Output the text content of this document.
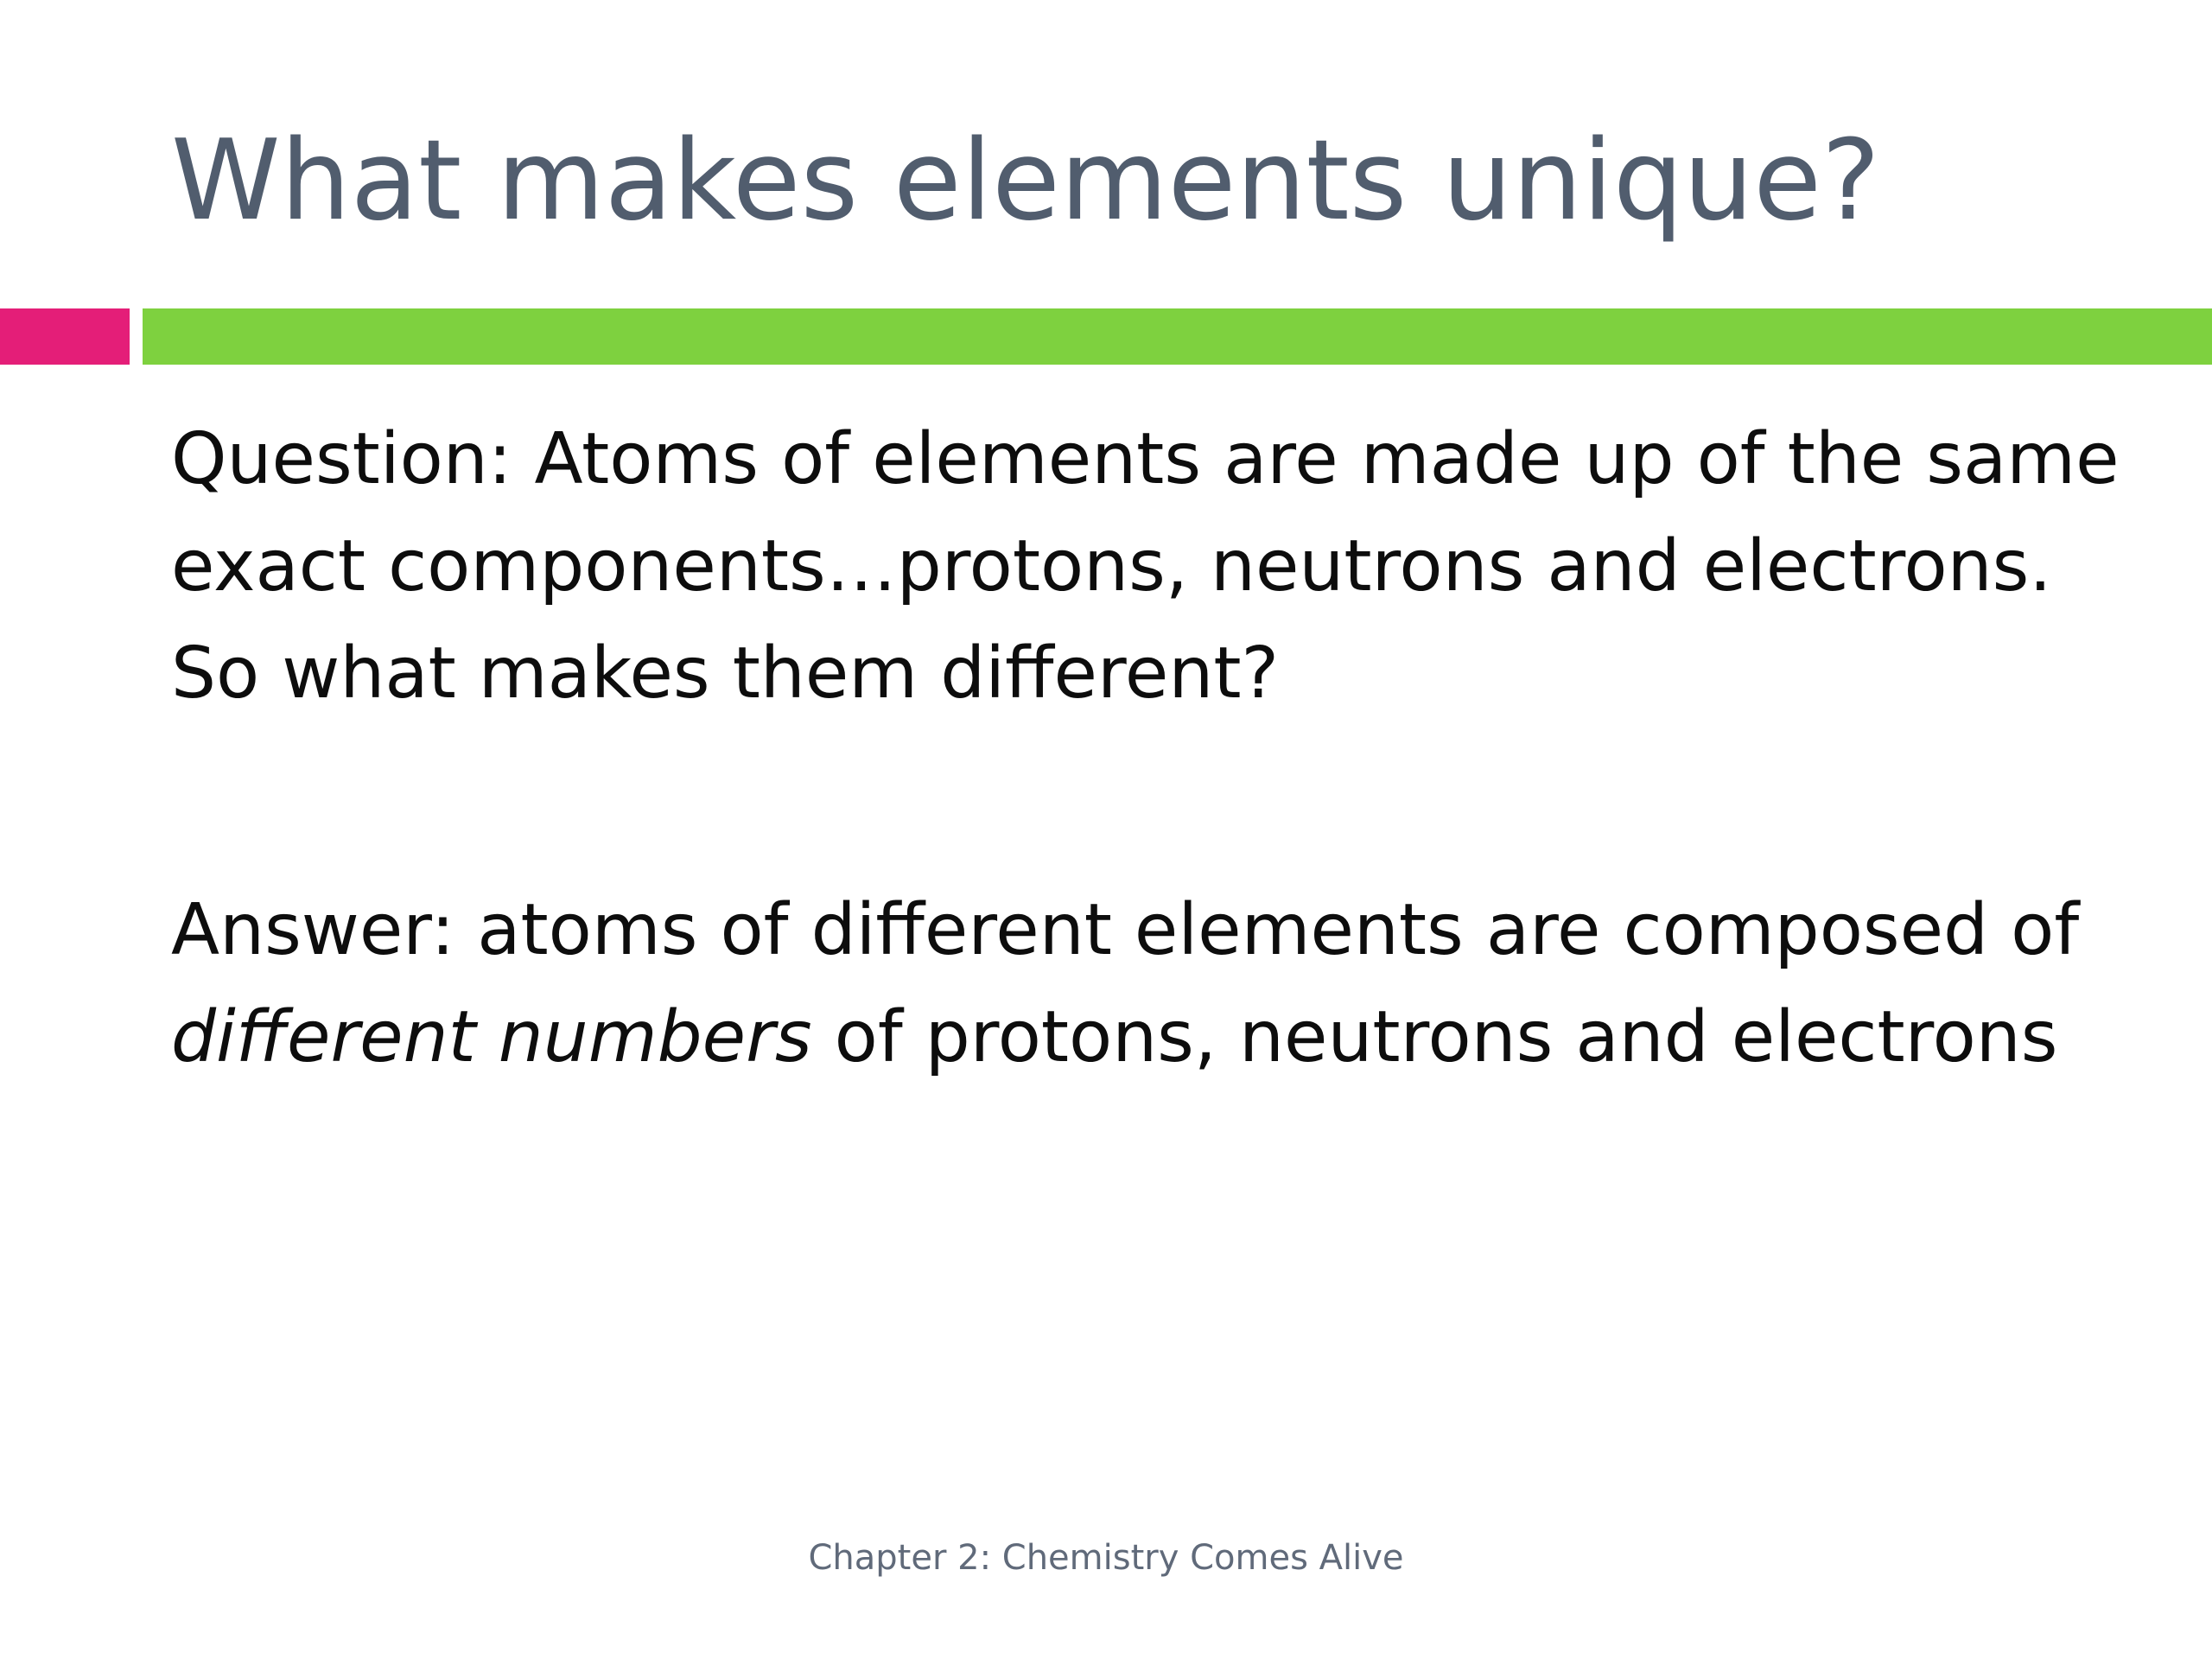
What makes elements unique?

Question: Atoms of elements are made up of the same exact components…protons, neutrons and electrons. So what makes them different?

Answer: atoms of different elements are composed of different numbers of protons, neutrons and electrons

Chapter 2: Chemistry Comes Alive
